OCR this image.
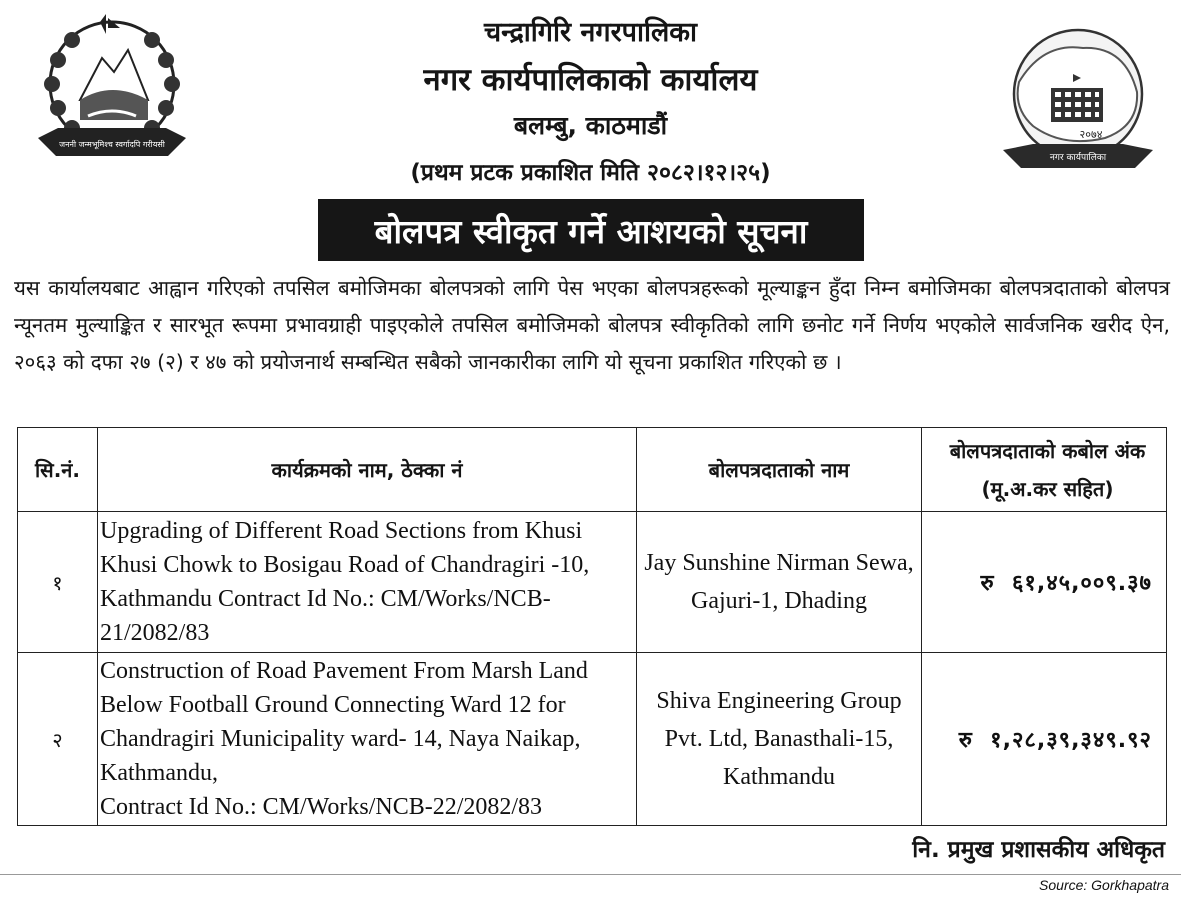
जननी जन्मभूमिश्च स्वर्गादपि गरीयसी
चन्द्रागिरि नगरपालिका
नगर कार्यपालिकाको कार्यालय
बलम्बु, काठमाडौं
(प्रथम प्रटक प्रकाशित मिति २०८२।१२।२५)
२०७४
नगर कार्यपालिका
बोलपत्र स्वीकृत गर्ने आशयको सूचना
यस कार्यालयबाट आह्वान गरिएको तपसिल बमोजिमका बोलपत्रको लागि पेस भएका बोलपत्रहरूको मूल्याङ्कन हुँदा निम्न बमोजिमका बोलपत्रदाताको बोलपत्र न्यूनतम मुल्याङ्कित र सारभूत रूपमा प्रभावग्राही पाइएकोले तपसिल बमोजिमको बोलपत्र स्वीकृतिको लागि छनोट गर्ने निर्णय भएकोले सार्वजनिक खरीद ऐन, २०६३ को दफा २७ (२) र ४७ को प्रयोजनार्थ सम्बन्धित सबैको जानकारीका लागि यो सूचना प्रकाशित गरिएको छ ।
सि.नं.	कार्यक्रमको नाम, ठेक्का नं	बोलपत्रदाताको नाम	बोलपत्रदाताको कबोल अंक (मू.अ.कर सहित)
१	Upgrading of Different Road Sections from Khusi Khusi Chowk to Bosigau Road of Chandragiri -10, Kathmandu Contract Id No.: CM/Works/NCB-21/2082/83	Jay Sunshine Nirman Sewa, Gajuri-1, Dhading	रु  ६१,४५,००९.३७
२	Construction of Road Pavement From Marsh Land Below Football Ground Connecting Ward 12 for Chandragiri Municipality ward- 14, Naya Naikap, Kathmandu,
Contract Id No.: CM/Works/NCB-22/2082/83	Shiva Engineering Group Pvt. Ltd, Banasthali-15, Kathmandu	रु  १,२८,३९,३४९.९२
नि. प्रमुख प्रशासकीय अधिकृत
Source: Gorkhapatra
